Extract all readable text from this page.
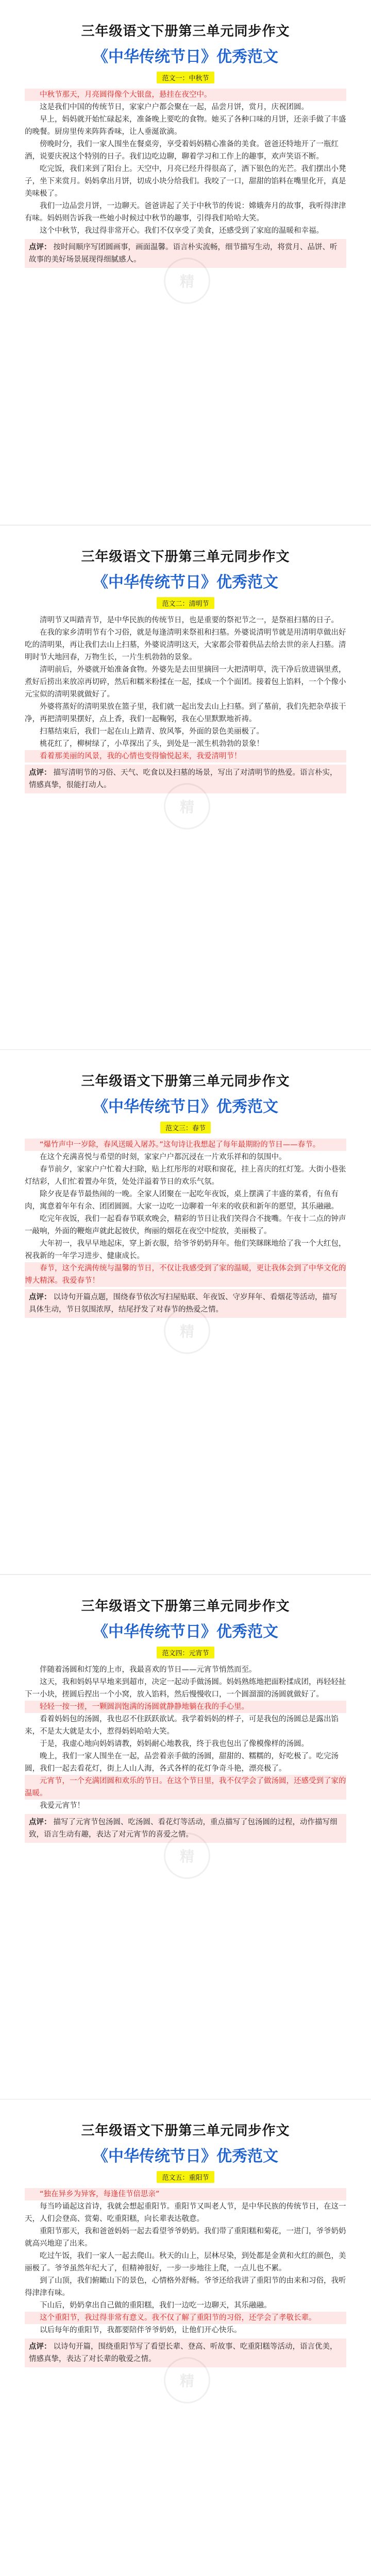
三年级语文下册第三单元同步作文
《中华传统节日》优秀范文
范文一：中秋节

中秋节那天，月亮圆得像个大银盘，悬挂在夜空中。

这是我们中国的传统节日，家家户户都会聚在一起，品尝月饼，赏月，庆祝团圆。

早上，妈妈就开始忙碌起来，准备晚上要吃的食物。她买了各种口味的月饼，还亲手做了丰盛的晚餐。厨房里传来阵阵香味，让人垂涎欲滴。

傍晚时分，我们一家人围坐在餐桌旁，享受着妈妈精心准备的美食。爸爸还特地开了一瓶红酒，说要庆祝这个特别的日子。我们边吃边聊，聊着学习和工作上的趣事，欢声笑语不断。

吃完饭，我们来到了阳台上。天空中，月亮已经升得很高了，洒下银色的光芒。我们摆出小凳子，坐下来赏月。妈妈拿出月饼，切成小块分给我们。我咬了一口，甜甜的馅料在嘴里化开，真是美味极了。

我们一边品尝月饼，一边聊天。爸爸讲起了关于中秋节的传说：嫦娥奔月的故事，我听得津津有味。妈妈则告诉我一些她小时候过中秋节的趣事，引得我们哈哈大笑。

这个中秋节，我过得非常开心。我们不仅享受了美食，还感受到了家庭的温暖和幸福。

点评： 按时间顺序写团圆画事，画面温馨。语言朴实流畅，细节描写生动，将赏月、品饼、听故事的美好场景展现得细腻感人。
精
三年级语文下册第三单元同步作文
《中华传统节日》优秀范文
范文二：清明节

清明节又叫踏青节，是中华民族的传统节日，也是重要的祭祀节之一，是祭祖扫墓的日子。

在我的家乡清明节有个习俗，就是每逢清明来祭祖和扫墓。外婆说清明节就是用清明草做出好吃的清明果，再让我们去山上扫墓，外婆说清明这天，大家都会带着供品去给去世的亲人扫墓。清明时节大地回春，万物生长，一片生机勃勃的景象。

清明前后，外婆就开始准备食物。外婆先是去田里摘回一大把清明草，洗干净后放进锅里煮，煮好后捞出来放凉再切碎，然后和糯米粉揉在一起，揉成一个个面团。接着包上馅料，一个个像小元宝似的清明果就做好了。

外婆将蒸好的清明果放在篮子里，我们就一起出发去山上扫墓。到了墓前，我们先把杂草拔干净，再把清明果摆好，点上香，我们一起鞠躬，我在心里默默地祈祷。

扫墓结束后，我们一起在山上踏青、放风筝，外面的景色美丽极了。

桃花红了，柳树绿了，小草探出了头，到处是一派生机勃勃的景象！

看着那美丽的风景，我的心情也变得愉悦起来，我爱清明节！

点评： 描写清明节的习俗、天气、吃食以及扫墓的场景，写出了对清明节的热爱。语言朴实，情感真挚，很能打动人。
精
三年级语文下册第三单元同步作文
《中华传统节日》优秀范文
范文三：春节

“爆竹声中一岁除，春风送暖入屠苏。”这句诗让我想起了每年最期盼的节日——春节。

在这个充满喜悦与希望的时刻，家家户户都沉浸在一片欢乐祥和的氛围中。

春节前夕，家家户户忙着大扫除，贴上红彤彤的对联和窗花，挂上喜庆的红灯笼。大街小巷张灯结彩，人们忙着置办年货，处处洋溢着节日的欢乐气氛。

除夕夜是春节最热闹的一晚。全家人团聚在一起吃年夜饭，桌上摆满了丰盛的菜肴，有鱼有肉，寓意着年年有余、团团圆圆。大家一边吃一边聊着一年来的收获和新年的愿望，其乐融融。

吃完年夜饭，我们一起看春节联欢晚会，精彩的节目让我们笑得合不拢嘴。午夜十二点的钟声一敲响，外面的鞭炮声就此起彼伏，绚丽的烟花在夜空中绽放，美丽极了。

大年初一，我早早地起床，穿上新衣服，给爷爷奶奶拜年。他们笑眯眯地给了我一个大红包，祝我新的一年学习进步、健康成长。

春节，这个充满传统与温馨的节日，不仅让我感受到了家的温暖，更让我体会到了中华文化的博大精深。我爱春节！

点评： 以诗句开篇点题，围绕春节依次写扫屋贴联、年夜饭、守岁拜年、看烟花等活动，描写具体生动，节日氛围浓厚，结尾抒发了对春节的热爱之情。
精
三年级语文下册第三单元同步作文
《中华传统节日》优秀范文
范文四：元宵节

伴随着汤圆和灯笼的上市，我最喜欢的节日——元宵节悄然而至。

这天，我和妈妈早早地来到超市，决定一起动手做汤圆。妈妈熟练地把面粉揉成团，再轻轻扯下一小块，搓圆后捏出一个小窝，放入馅料，然后慢慢收口，一个圆溜溜的汤圆就做好了。

轻轻一按一搓，一颗圆润饱满的汤圆就静静地躺在我的手心里。

看着妈妈包的汤圆，我也忍不住跃跃欲试。我学着妈妈的样子，可是我包的汤圆总是露出馅来，不是太大就是太小，惹得妈妈哈哈大笑。

于是，我虚心地向妈妈请教，妈妈耐心地教我，终于我也包出了像模像样的汤圆。

晚上，我们一家人围坐在一起，品尝着亲手做的汤圆，甜甜的、糯糯的，好吃极了。吃完汤圆，我们一起去看花灯，街上人山人海，各式各样的花灯争奇斗艳，漂亮极了。

元宵节，一个充满团圆和欢乐的节日。在这个节日里，我不仅学会了做汤圆，还感受到了家的温暖。

我爱元宵节！

点评： 描写了元宵节包汤圆、吃汤圆、看花灯等活动，重点描写了包汤圆的过程，动作描写细致，语言生动有趣，表达了对元宵节的喜爱之情。
精
三年级语文下册第三单元同步作文
《中华传统节日》优秀范文
范文五：重阳节

“独在异乡为异客，每逢佳节倍思亲”

每当吟诵起这首诗，我就会想起重阳节。重阳节又叫老人节，是中华民族的传统节日，在这一天，人们会登高、赏菊、吃重阳糕，向长辈表达敬意。

重阳节那天，我和爸爸妈妈一起去看望爷爷奶奶。我们带了重阳糕和菊花，一进门，爷爷奶奶就高兴地迎了出来。

吃过午饭，我们一家人一起去爬山。秋天的山上，层林尽染，到处都是金黄和火红的颜色，美丽极了。爷爷虽然年纪大了，但精神很好，一步一步地往上爬，一点儿也不累。

到了山顶，我们俯瞰山下的景色，心情格外舒畅。爷爷还给我讲了重阳节的由来和习俗，我听得津津有味。

下山后，奶奶拿出自己做的重阳糕，我们一边吃一边聊天，其乐融融。

这个重阳节，我过得非常有意义。我不仅了解了重阳节的习俗，还学会了孝敬长辈。

以后每年的重阳节，我都要陪伴爷爷奶奶，让他们开心快乐。

点评： 以诗句开篇，围绕重阳节写了看望长辈、登高、听故事、吃重阳糕等活动，语言优美，情感真挚，表达了对长辈的敬爱之情。
精
